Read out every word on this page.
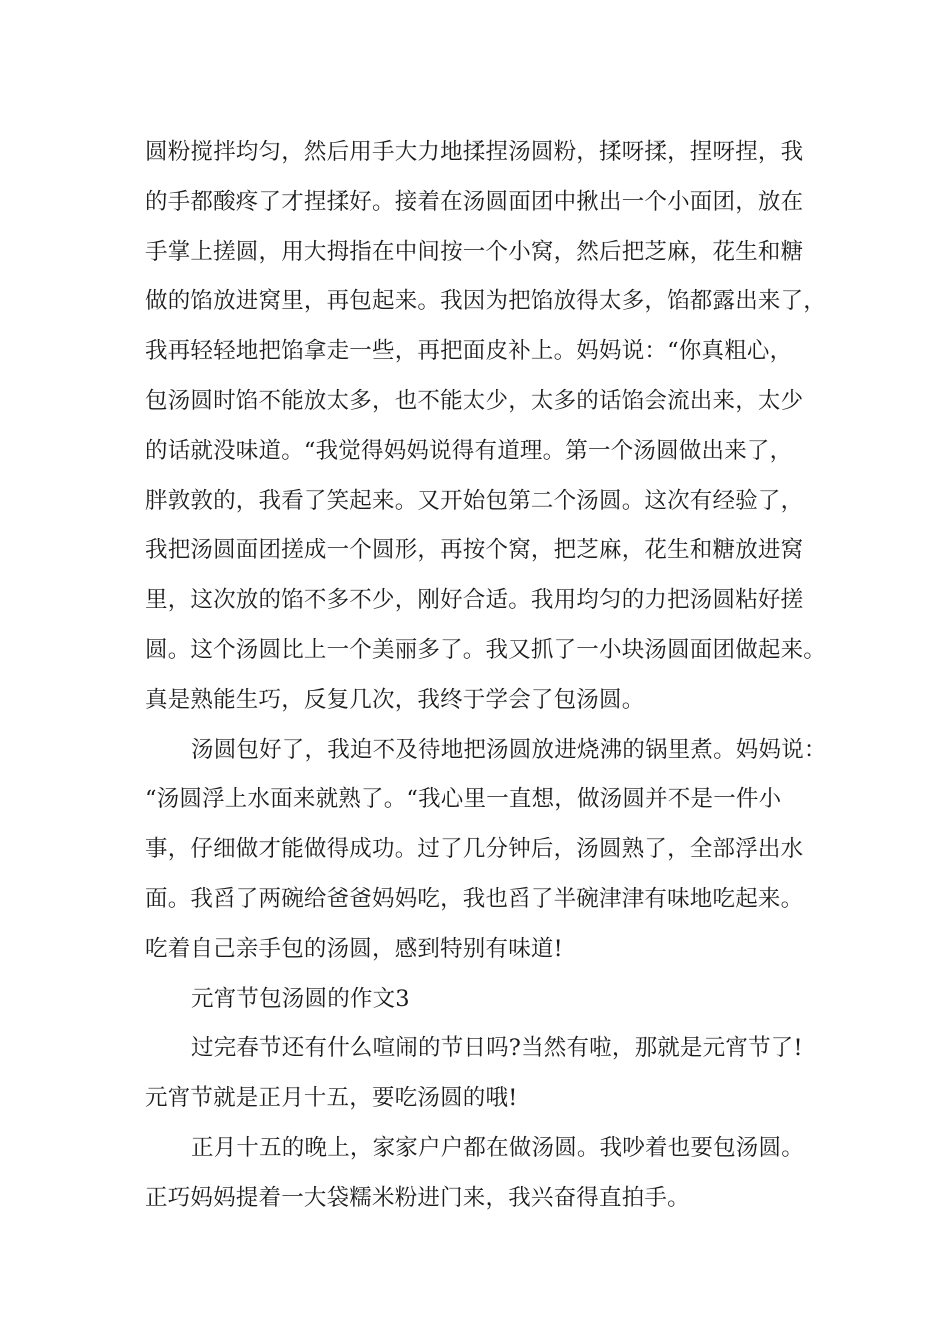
圆粉搅拌均匀，然后用手大力地揉捏汤圆粉，揉呀揉，捏呀捏，我
的手都酸疼了才捏揉好。接着在汤圆面团中揪出一个小面团，放在
手掌上搓圆，用大拇指在中间按一个小窝，然后把芝麻，花生和糖
做的馅放进窝里，再包起来。我因为把馅放得太多，馅都露出来了，
我再轻轻地把馅拿走一些，再把面皮补上。妈妈说：“你真粗心，
包汤圆时馅不能放太多，也不能太少，太多的话馅会流出来，太少
的话就没味道。“我觉得妈妈说得有道理。第一个汤圆做出来了，
胖敦敦的，我看了笑起来。又开始包第二个汤圆。这次有经验了，
我把汤圆面团搓成一个圆形，再按个窝，把芝麻，花生和糖放进窝
里，这次放的馅不多不少，刚好合适。我用均匀的力把汤圆粘好搓
圆。这个汤圆比上一个美丽多了。我又抓了一小块汤圆面团做起来。
真是熟能生巧，反复几次，我终于学会了包汤圆。
汤圆包好了，我迫不及待地把汤圆放进烧沸的锅里煮。妈妈说：
“汤圆浮上水面来就熟了。“我心里一直想，做汤圆并不是一件小
事，仔细做才能做得成功。过了几分钟后，汤圆熟了，全部浮出水
面。我舀了两碗给爸爸妈妈吃，我也舀了半碗津津有味地吃起来。
吃着自己亲手包的汤圆，感到特别有味道!
元宵节包汤圆的作文3
过完春节还有什么喧闹的节日吗?当然有啦，那就是元宵节了!
元宵节就是正月十五，要吃汤圆的哦!
正月十五的晚上，家家户户都在做汤圆。我吵着也要包汤圆。
正巧妈妈提着一大袋糯米粉进门来，我兴奋得直拍手。
